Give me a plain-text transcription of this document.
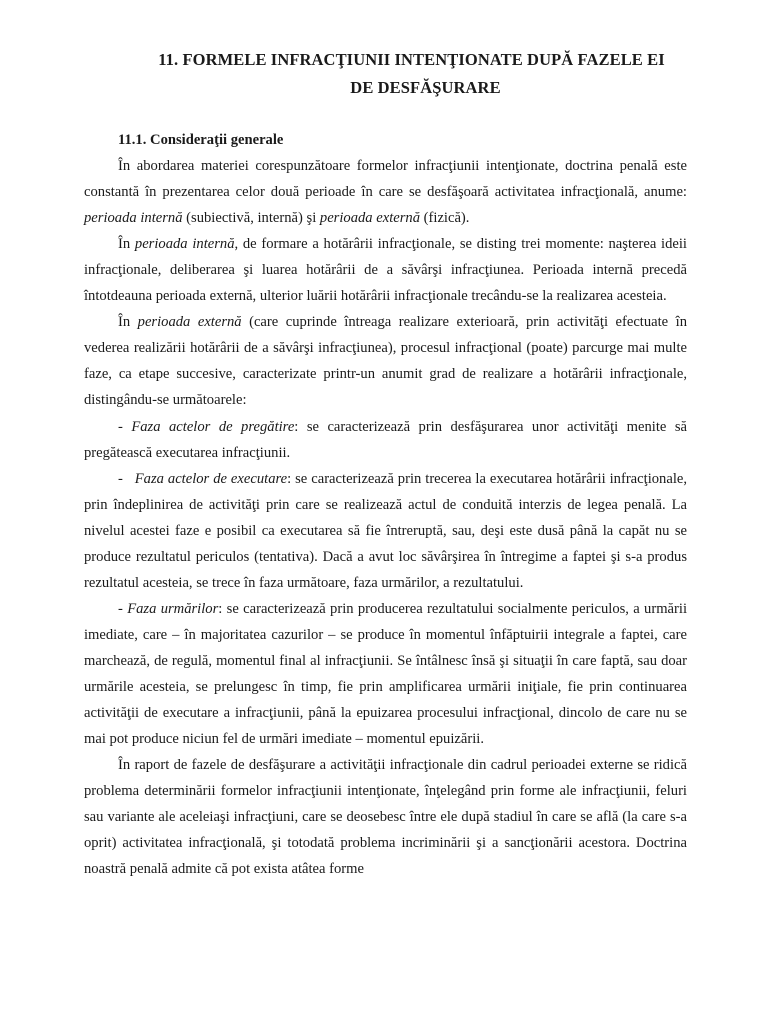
11. FORMELE INFRACŢIUNII INTENŢIONATE DUPĂ FAZELE EI
DE DESFĂŞURARE

11.1. Consideraţii generale

În abordarea materiei corespunzătoare formelor infracţiunii intenţionate, doctrina penală este constantă în prezentarea celor două perioade în care se desfăşoară activitatea infracţională, anume: perioada internă (subiectivă, internă) şi perioada externă (fizică).

În perioada internă, de formare a hotărârii infracţionale, se disting trei momente: naşterea ideii infracţionale, deliberarea şi luarea hotărârii de a săvârşi infracţiunea. Perioada internă precedă întotdeauna perioada externă, ulterior luării hotărârii infracţionale trecându-se la realizarea acesteia.

În perioada externă (care cuprinde întreaga realizare exterioară, prin activităţi efectuate în vederea realizării hotărârii de a săvârşi infracţiunea), procesul infracţional (poate) parcurge mai multe faze, ca etape succesive, caracterizate printr-un anumit grad de realizare a hotărârii infracţionale, distingându-se următoarele:

- Faza actelor de pregătire: se caracterizează prin desfăşurarea unor activităţi menite să pregătească executarea infracţiunii.

-   Faza actelor de executare: se caracterizează prin trecerea la executarea hotărârii infracţionale, prin îndeplinirea de activităţi prin care se realizează actul de conduită interzis de legea penală. La nivelul acestei faze e posibil ca executarea să fie întreruptă, sau, deşi este dusă până la capăt nu se produce rezultatul periculos (tentativa). Dacă a avut loc săvârşirea în întregime a faptei şi s-a produs rezultatul acesteia, se trece în faza următoare, faza urmărilor, a rezultatului.

- Faza urmărilor: se caracterizează prin producerea rezultatului socialmente periculos, a urmării imediate, care – în majoritatea cazurilor – se produce în momentul înfăptuirii integrale a faptei, care marchează, de regulă, momentul final al infracţiunii. Se întâlnesc însă şi situaţii în care faptă, sau doar urmările acesteia, se prelungesc în timp, fie prin amplificarea urmării iniţiale, fie prin continuarea activităţii de executare a infracţiunii, până la epuizarea procesului infracţional, dincolo de care nu se mai pot produce niciun fel de urmări imediate – momentul epuizării.

În raport de fazele de desfăşurare a activităţii infracţionale din cadrul perioadei externe se ridică problema determinării formelor infracţiunii intenţionate, înţelegând prin forme ale infracţiunii, feluri sau variante ale aceleiaşi infracţiuni, care se deosebesc între ele după stadiul în care se află (la care s-a oprit) activitatea infracţională, şi totodată problema incriminării şi a sancţionării acestora. Doctrina noastră penală admite că pot exista atâtea forme
